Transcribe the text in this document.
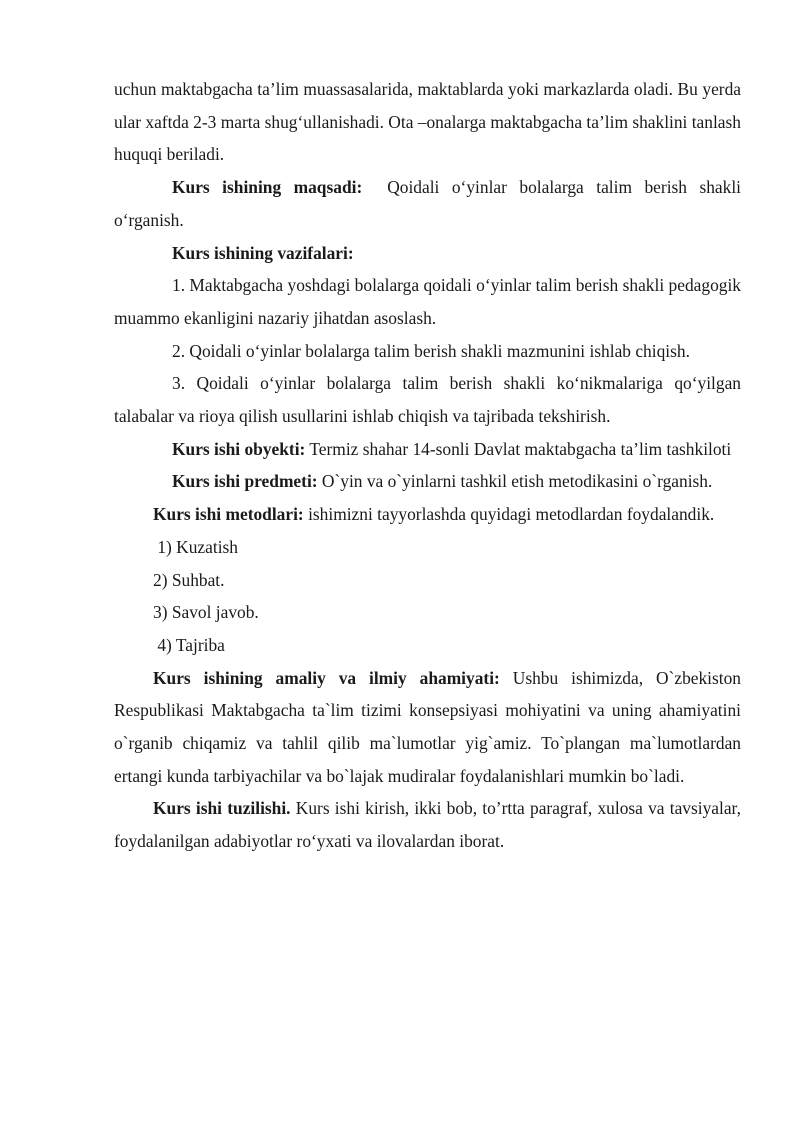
uchun maktabgacha ta’lim muassasalarida, maktablarda yoki markazlarda oladi. Bu yerda ular xaftda 2-3 marta shug‘ullanishadi. Ota –onalarga maktabgacha ta’lim shaklini tanlash huquqi beriladi.

Kurs ishining maqsadi:  Qoidali o‘yinlar bolalarga talim berish shakli o‘rganish.

Kurs ishining vazifalari:

1. Maktabgacha yoshdagi bolalarga qoidali o‘yinlar talim berish shakli pedagogik muammo ekanligini nazariy jihatdan asoslash.

2. Qoidali o‘yinlar bolalarga talim berish shakli mazmunini ishlab chiqish.

3. Qoidali o‘yinlar bolalarga talim berish shakli ko‘nikmalariga qo‘yilgan talabalar va rioya qilish usullarini ishlab chiqish va tajribada tekshirish.

Kurs ishi obyekti: Termiz shahar 14-sonli Davlat maktabgacha ta’lim tashkiloti

Kurs ishi predmeti: O`yin va o`yinlarni tashkil etish metodikasini o`rganish.

Kurs ishi metodlari: ishimizni tayyorlashda quyidagi metodlardan foydalandik.

1) Kuzatish

2) Suhbat.

3) Savol javob.

4) Tajriba

Kurs ishining amaliy va ilmiy ahamiyati: Ushbu ishimizda, O`zbekiston Respublikasi Maktabgacha ta`lim tizimi konsepsiyasi mohiyatini va uning ahamiyatini o`rganib chiqamiz va tahlil qilib ma`lumotlar yig`amiz. To`plangan ma`lumotlardan ertangi kunda tarbiyachilar va bo`lajak mudiralar foydalanishlari mumkin bo`ladi.

Kurs ishi tuzilishi. Kurs ishi kirish, ikki bob, to’rtta paragraf, xulosa va tavsiyalar, foydalanilgan adabiyotlar ro‘yxati va ilovalardan iborat.
